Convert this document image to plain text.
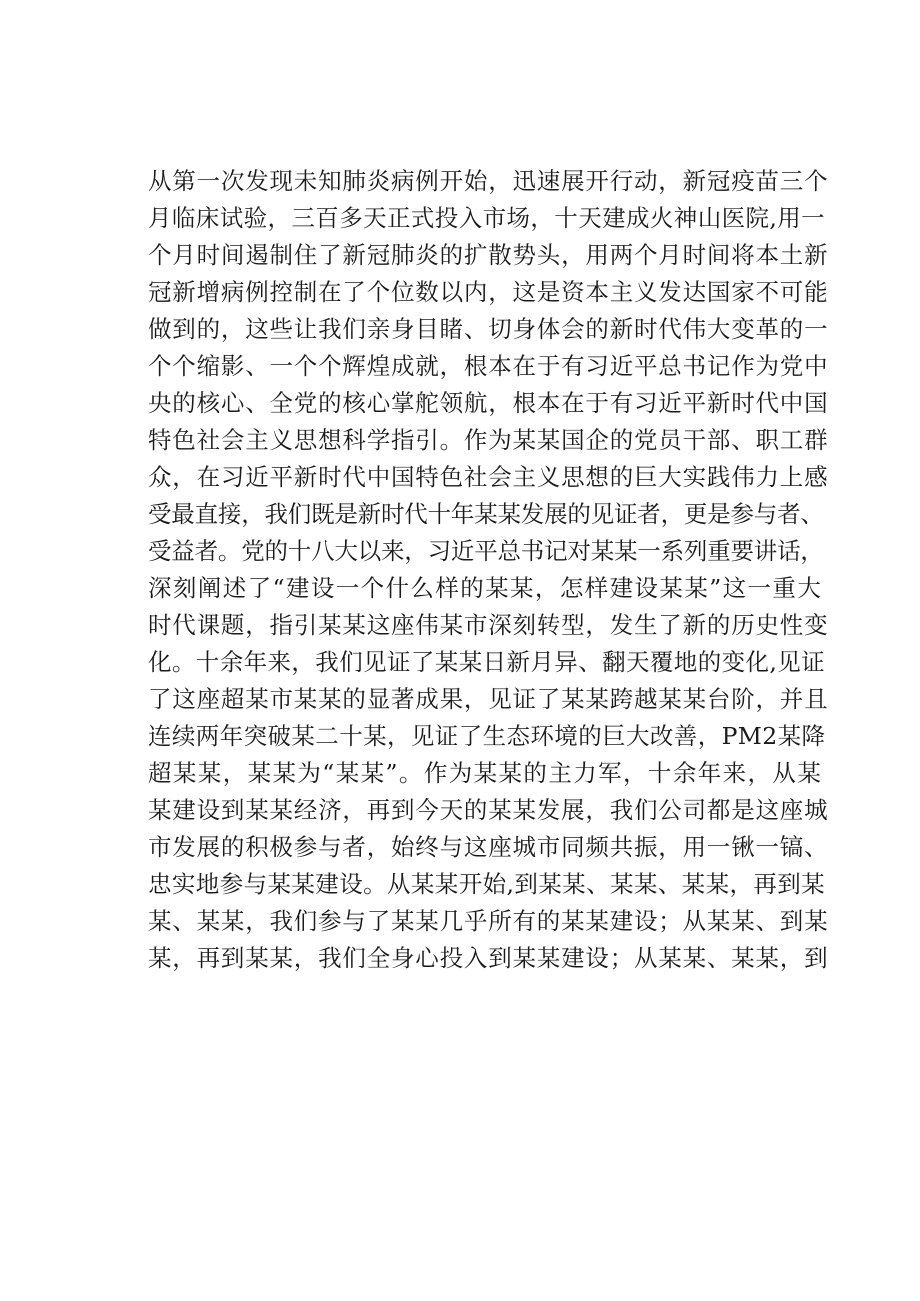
从第一次发现未知肺炎病例开始，迅速展开行动，新冠疫苗三个
月临床试验，三百多天正式投入市场，十天建成火神山医院,用一
个月时间遏制住了新冠肺炎的扩散势头，用两个月时间将本土新
冠新增病例控制在了个位数以内，这是资本主义发达国家不可能
做到的，这些让我们亲身目睹、切身体会的新时代伟大变革的一
个个缩影、一个个辉煌成就，根本在于有习近平总书记作为党中
央的核心、全党的核心掌舵领航，根本在于有习近平新时代中国
特色社会主义思想科学指引。作为某某国企的党员干部、职工群
众，在习近平新时代中国特色社会主义思想的巨大实践伟力上感
受最直接，我们既是新时代十年某某发展的见证者，更是参与者、
受益者。党的十八大以来，习近平总书记对某某一系列重要讲话，
深刻阐述了“建设一个什么样的某某，怎样建设某某”这一重大
时代课题，指引某某这座伟某市深刻转型，发生了新的历史性变
化。十余年来，我们见证了某某日新月异、翻天覆地的变化,见证
了这座超某市某某的显著成果，见证了某某跨越某某台阶，并且
连续两年突破某二十某，见证了生态环境的巨大改善，PM2某降
超某某，某某为“某某”。作为某某的主力军，十余年来，从某
某建设到某某经济，再到今天的某某发展，我们公司都是这座城
市发展的积极参与者，始终与这座城市同频共振，用一锹一镐、
忠实地参与某某建设。从某某开始,到某某、某某、某某，再到某
某、某某，我们参与了某某几乎所有的某某建设；从某某、到某
某，再到某某，我们全身心投入到某某建设；从某某、某某，到
